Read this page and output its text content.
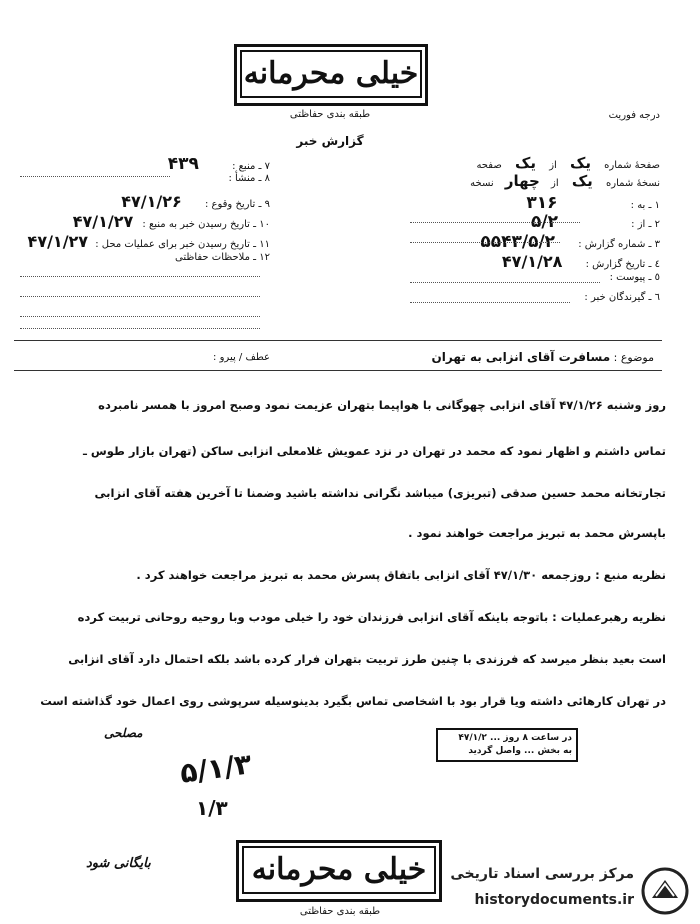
خیلی محرمانه
طبقه بندی حفاظتی	درجه فوریت
گزارش خبر
صفحهٔ شماره یک از یک صفحه
نسخهٔ شماره یک از چهار نسخه
۱ ـ به : ۳۱۶
۲ ـ از : ۵/۲
۳ ـ شماره گزارش : ۵۵۴۳/۵/۲
٤ ـ تاریخ گزارش : ۴۷/۱/۲۸
٥ ـ پیوست :
٦ ـ گیرندگان خبر :
۷ ـ منبع : ۴۳۹
۸ ـ منشأ :
۹ ـ تاریخ وقوع : ۴۷/۱/۲۶
۱۰ ـ تاریخ رسیدن خبر به منبع : ۴۷/۱/۲۷
۱۱ ـ تاریخ رسیدن خبر برای عملیات محل : ۴۷/۱/۲۷
۱۲ ـ ملاحظات حفاظتی
موضوع : مسافرت آقای انزابی به تهران
عطف / پیرو :
روز وشنبه ۴۷/۱/۲۶ آقای انزابی چهوگانی با هواپیما بتهران عزیمت نمود وصبح امروز با همسر نامبرده
تماس داشتم و اظهار نمود که محمد در تهران در نزد عمویش غلامعلی انزابی ساکن (تهران بازار طوس ـ
تجارتخانه محمد حسین صدقی (تبریزی) میباشد نگرانی نداشته باشید وضمنا تا آخرین هفته آقای انزابی
باپسرش محمد به تبریز مراجعت خواهند نمود .
نظریه منبع : روزجمعه ۴۷/۱/۳۰ آقای انزابی باتفاق پسرش محمد به تبریز مراجعت خواهند کرد .
نظریه رهبرعملیات : باتوجه باینکه آقای انزابی فرزندان خود را خیلی مودب وبا روحیه روحانی تربیت کرده
است بعید بنظر میرسد که فرزندی با چنین طرز تربیت بتهران فرار کرده باشد بلکه احتمال دارد آقای انزابی
در تهران کارهائی داشته ویا قرار بود با اشخاصی تماس بگیرد بدینوسیله سرپوشی روی اعمال خود گذاشته است
مصلحی
۵/۱/۳
۱/۳
در ساعت ۸ روز ... ۴۷/۱/۲
به بخش ... واصل گردید
بایگانی شود	خیلی محرمانه
طبقه بندی حفاظتی
مرکز بررسی اسناد تاریخی
historydocuments.ir
